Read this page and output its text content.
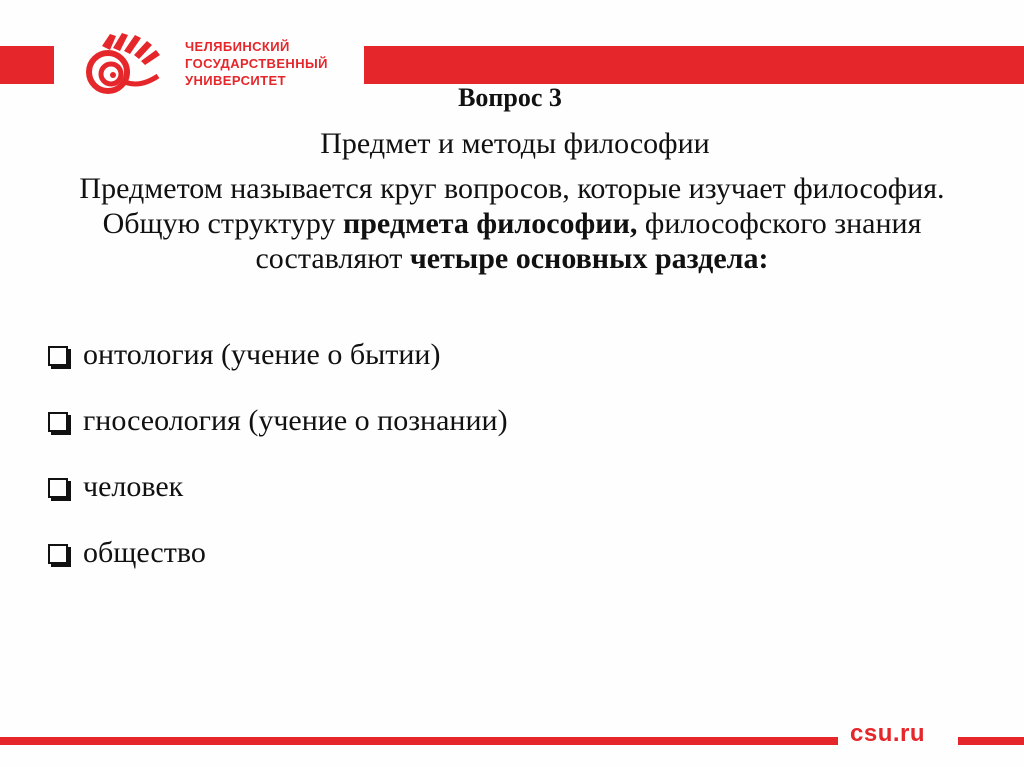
ЧЕЛЯБИНСКИЙ
ГОСУДАРСТВЕННЫЙ
УНИВЕРСИТЕТ
Вопрос 3
Предмет и методы философии
Предметом называется круг вопросов, которые изучает философия.
Общую структуру предмета философии, философского знания составляют четыре основных раздела:
онтология (учение о бытии)
гносеология (учение о познании)
человек
общество
csu.ru
